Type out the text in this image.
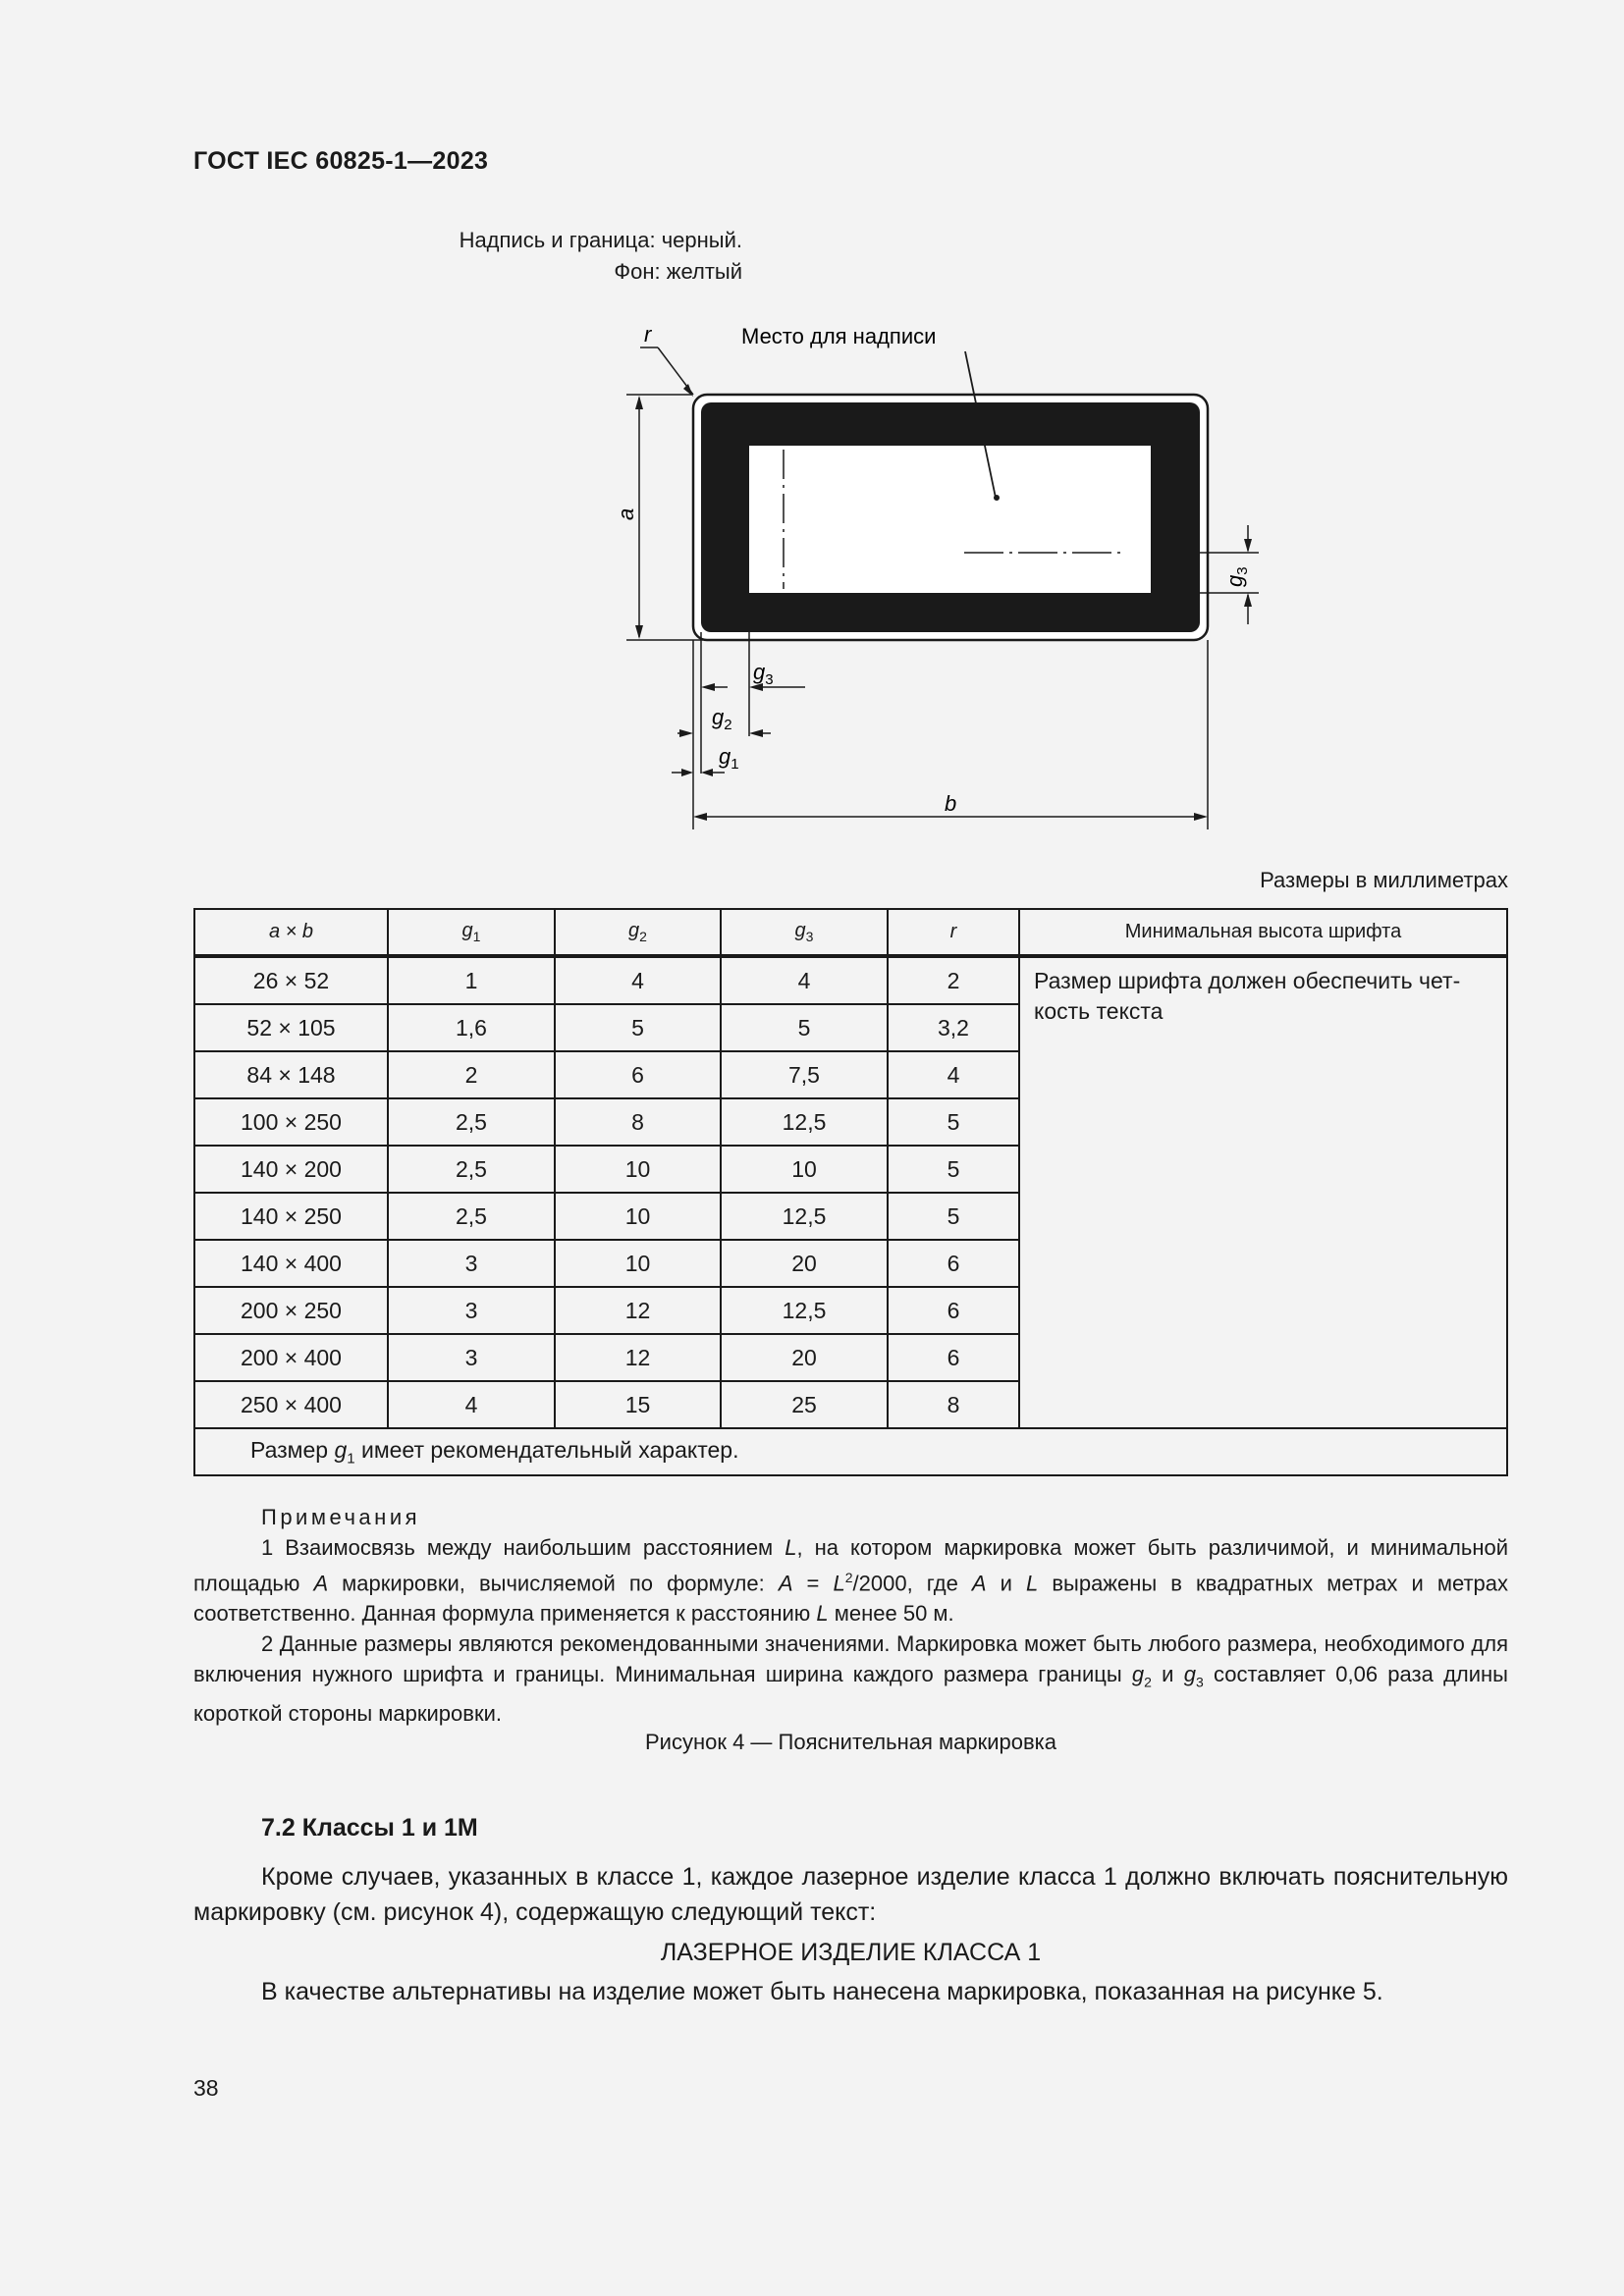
ГОСТ IEC 60825-1—2023
Надпись и граница: черный.
Фон: желтый
Место для надписи
r
a
$g_3$
$g_3$
$g_2$
$g_1$
b
Размеры в миллиметрах
a × b	$g_1$	$g_2$	$g_3$	r	Минимальная высота шрифта
26 × 52	1	4	4	2	Размер шрифта должен обеспечить чет-кость текста
52 × 105	1,6	5	5	3,2	
84 × 148	2	6	7,5	4	
100 × 250	2,5	8	12,5	5	
140 × 200	2,5	10	10	5	
140 × 250	2,5	10	12,5	5	
140 × 400	3	10	20	6	
200 × 250	3	12	12,5	6	
200 × 400	3	12	20	6	
250 × 400	4	15	25	8	
Размер $g_1$ имеет рекомендательный характер.					

Примечания

1 Взаимосвязь между наибольшим расстоянием L, на котором маркировка может быть различимой, и минимальной площадью A маркировки, вычисляемой по формуле: $A = L^2/2000$, где A и L выражены в квадратных метрах и метрах соответственно. Данная формула применяется к расстоянию L менее 50 м.

2 Данные размеры являются рекомендованными значениями. Маркировка может быть любого размера, необходимого для включения нужного шрифта и границы. Минимальная ширина каждого размера границы $g_2$ и $g_3$ составляет 0,06 раза длины короткой стороны маркировки.

Рисунок 4 — Пояснительная маркировка
7.2 Классы 1 и 1М

Кроме случаев, указанных в классе 1, каждое лазерное изделие класса 1 должно включать пояснительную маркировку (см. рисунок 4), содержащую следующий текст:

ЛАЗЕРНОЕ ИЗДЕЛИЕ КЛАССА 1

В качестве альтернативы на изделие может быть нанесена маркировка, показанная на рисунке 5.

38
